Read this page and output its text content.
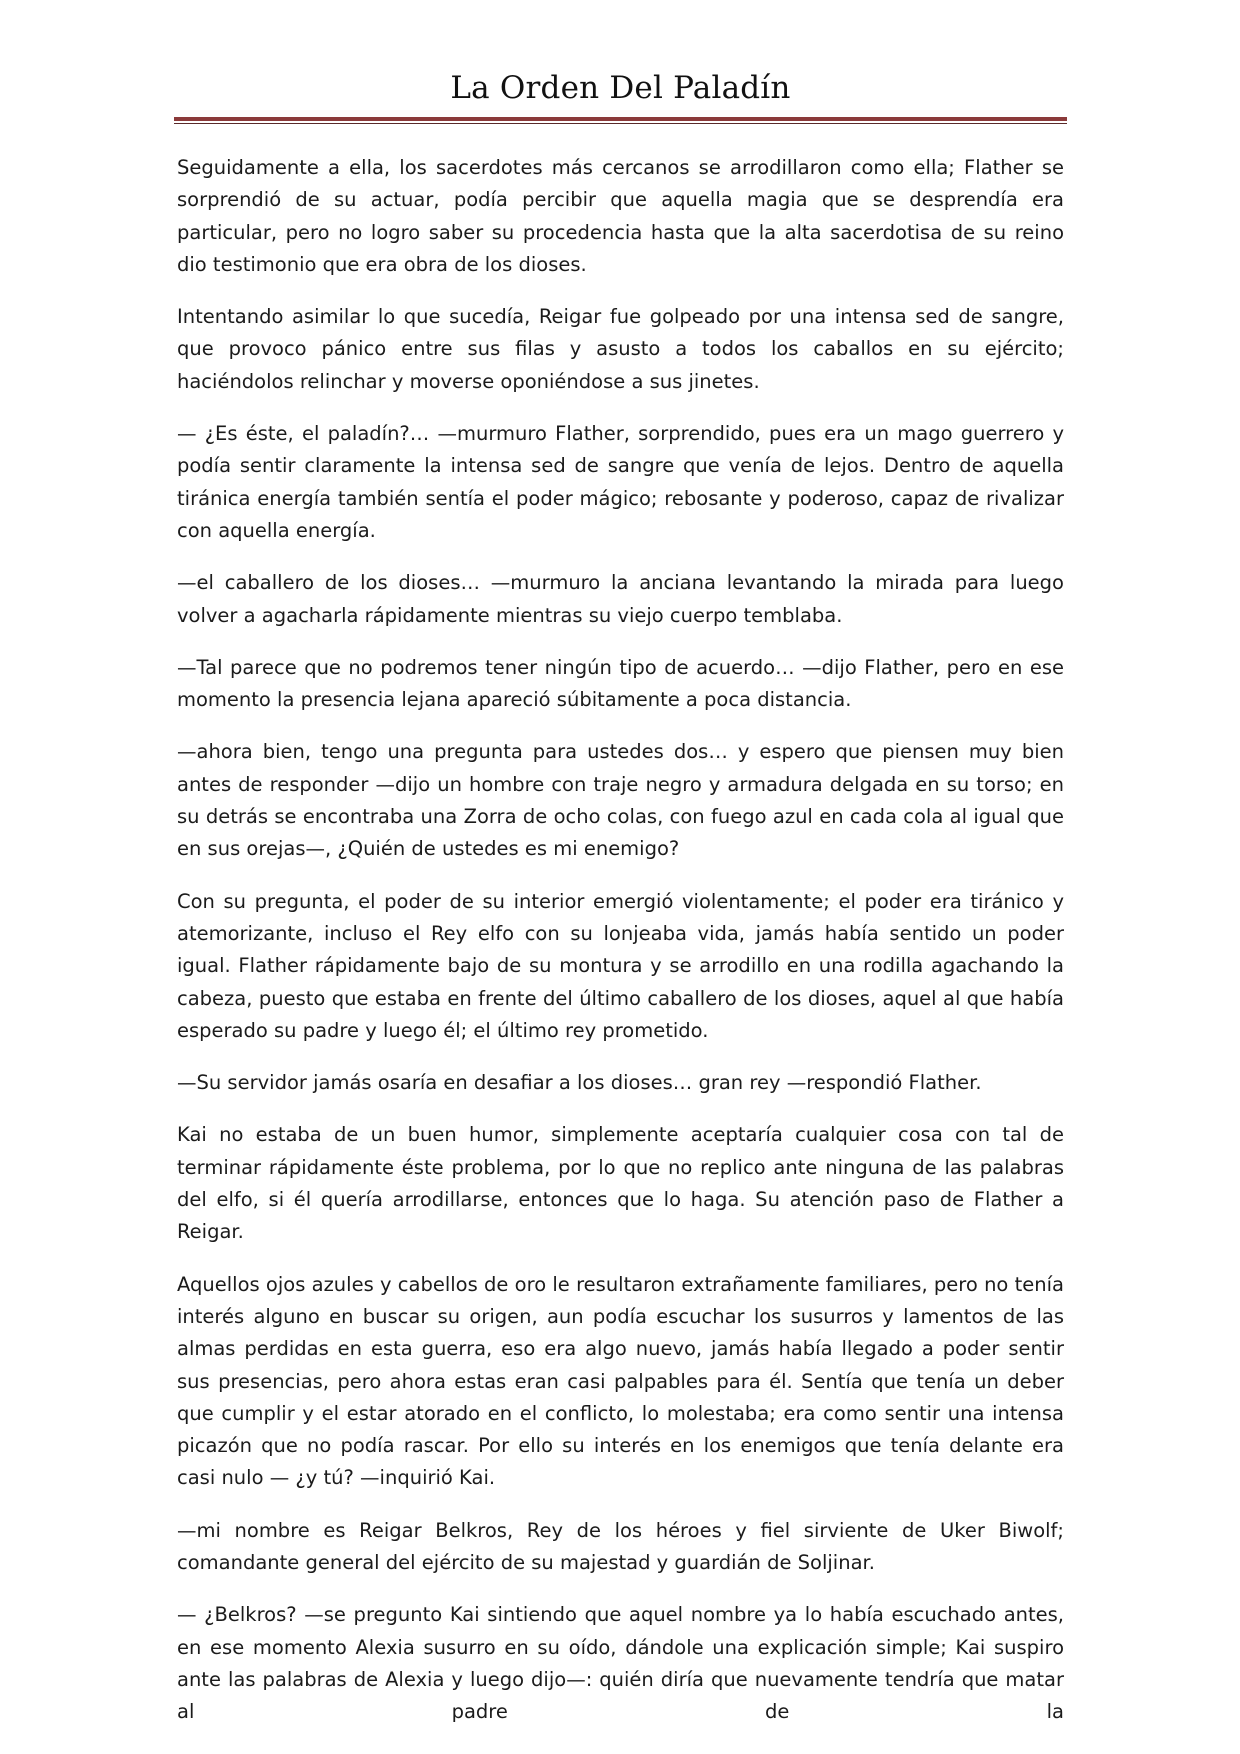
La Orden Del Paladín

Seguidamente a ella, los sacerdotes más cercanos se arrodillaron como ella; Flather se sorprendió de su actuar, podía percibir que aquella magia que se desprendía era particular, pero no logro saber su procedencia hasta que la alta sacerdotisa de su reino dio testimonio que era obra de los dioses.

Intentando asimilar lo que sucedía, Reigar fue golpeado por una intensa sed de sangre, que provoco pánico entre sus filas y asusto a todos los caballos en su ejército; haciéndolos relinchar y moverse oponiéndose a sus jinetes.

— ¿Es éste, el paladín?… —murmuro Flather, sorprendido, pues era un mago guerrero y podía sentir claramente la intensa sed de sangre que venía de lejos. Dentro de aquella tiránica energía también sentía el poder mágico; rebosante y poderoso, capaz de rivalizar con aquella energía.

—el caballero de los dioses… —murmuro la anciana levantando la mirada para luego volver a agacharla rápidamente mientras su viejo cuerpo temblaba.

—Tal parece que no podremos tener ningún tipo de acuerdo… —dijo Flather, pero en ese momento la presencia lejana apareció súbitamente a poca distancia.

—ahora bien, tengo una pregunta para ustedes dos… y espero que piensen muy bien antes de responder —dijo un hombre con traje negro y armadura delgada en su torso; en su detrás se encontraba una Zorra de ocho colas, con fuego azul en cada cola al igual que en sus orejas—, ¿Quién de ustedes es mi enemigo?

Con su pregunta, el poder de su interior emergió violentamente; el poder era tiránico y atemorizante, incluso el Rey elfo con su lonjeaba vida, jamás había sentido un poder igual. Flather rápidamente bajo de su montura y se arrodillo en una rodilla agachando la cabeza, puesto que estaba en frente del último caballero de los dioses, aquel al que había esperado su padre y luego él; el último rey prometido.

—Su servidor jamás osaría en desafiar a los dioses… gran rey —respondió Flather.

Kai no estaba de un buen humor, simplemente aceptaría cualquier cosa con tal de terminar rápidamente éste problema, por lo que no replico ante ninguna de las palabras del elfo, si él quería arrodillarse, entonces que lo haga. Su atención paso de Flather a Reigar.

Aquellos ojos azules y cabellos de oro le resultaron extrañamente familiares, pero no tenía interés alguno en buscar su origen, aun podía escuchar los susurros y lamentos de las almas perdidas en esta guerra, eso era algo nuevo, jamás había llegado a poder sentir sus presencias, pero ahora estas eran casi palpables para él. Sentía que tenía un deber que cumplir y el estar atorado en el conflicto, lo molestaba; era como sentir una intensa picazón que no podía rascar. Por ello su interés en los enemigos que tenía delante era casi nulo — ¿y tú? —inquirió Kai.

—mi nombre es Reigar Belkros, Rey de los héroes y fiel sirviente de Uker Biwolf; comandante general del ejército de su majestad y guardián de Soljinar.

— ¿Belkros? —se pregunto Kai sintiendo que aquel nombre ya lo había escuchado antes, en ese momento Alexia susurro en su oído, dándole una explicación simple; Kai suspiro ante las palabras de Alexia y luego dijo—: quién diría que nuevamente tendría que matar al padre de la
